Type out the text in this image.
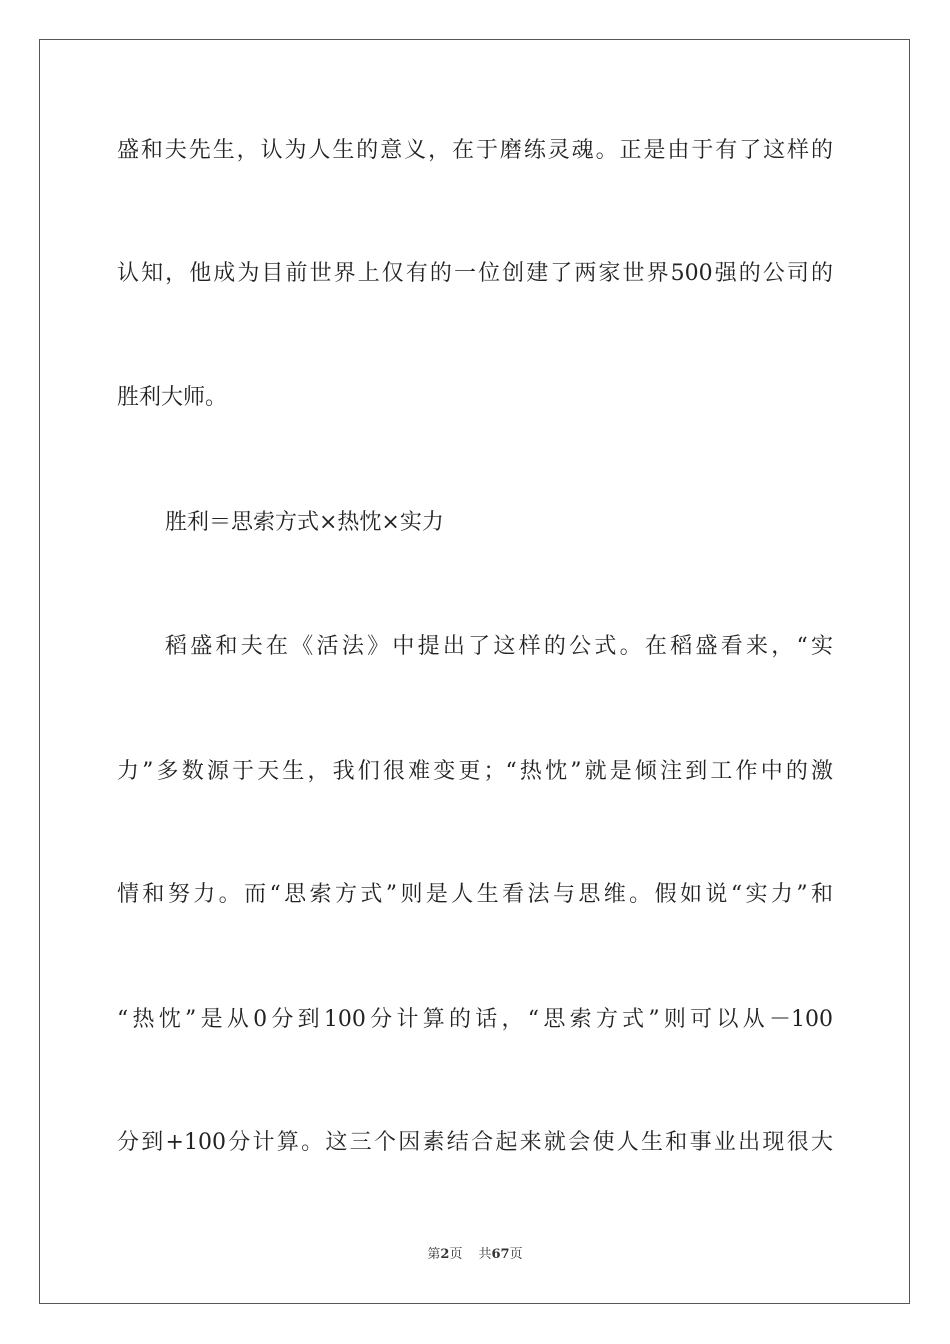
盛和夫先生，认为人生的意义，在于磨练灵魂。正是由于有了这样的
认知，他成为目前世界上仅有的一位创建了两家世界500强的公司的
胜利大师。
胜利＝思索方式×热忱×实力
稻盛和夫在《活法》中提出了这样的公式。在稻盛看来，“实
力”多数源于天生，我们很难变更；“热忱”就是倾注到工作中的激
情和努力。而“思索方式”则是人生看法与思维。假如说“实力”和
“热忱”是从0分到100分计算的话，“思索方式”则可以从－100
分到+100分计算。这三个因素结合起来就会使人生和事业出现很大
第2页 共67页
